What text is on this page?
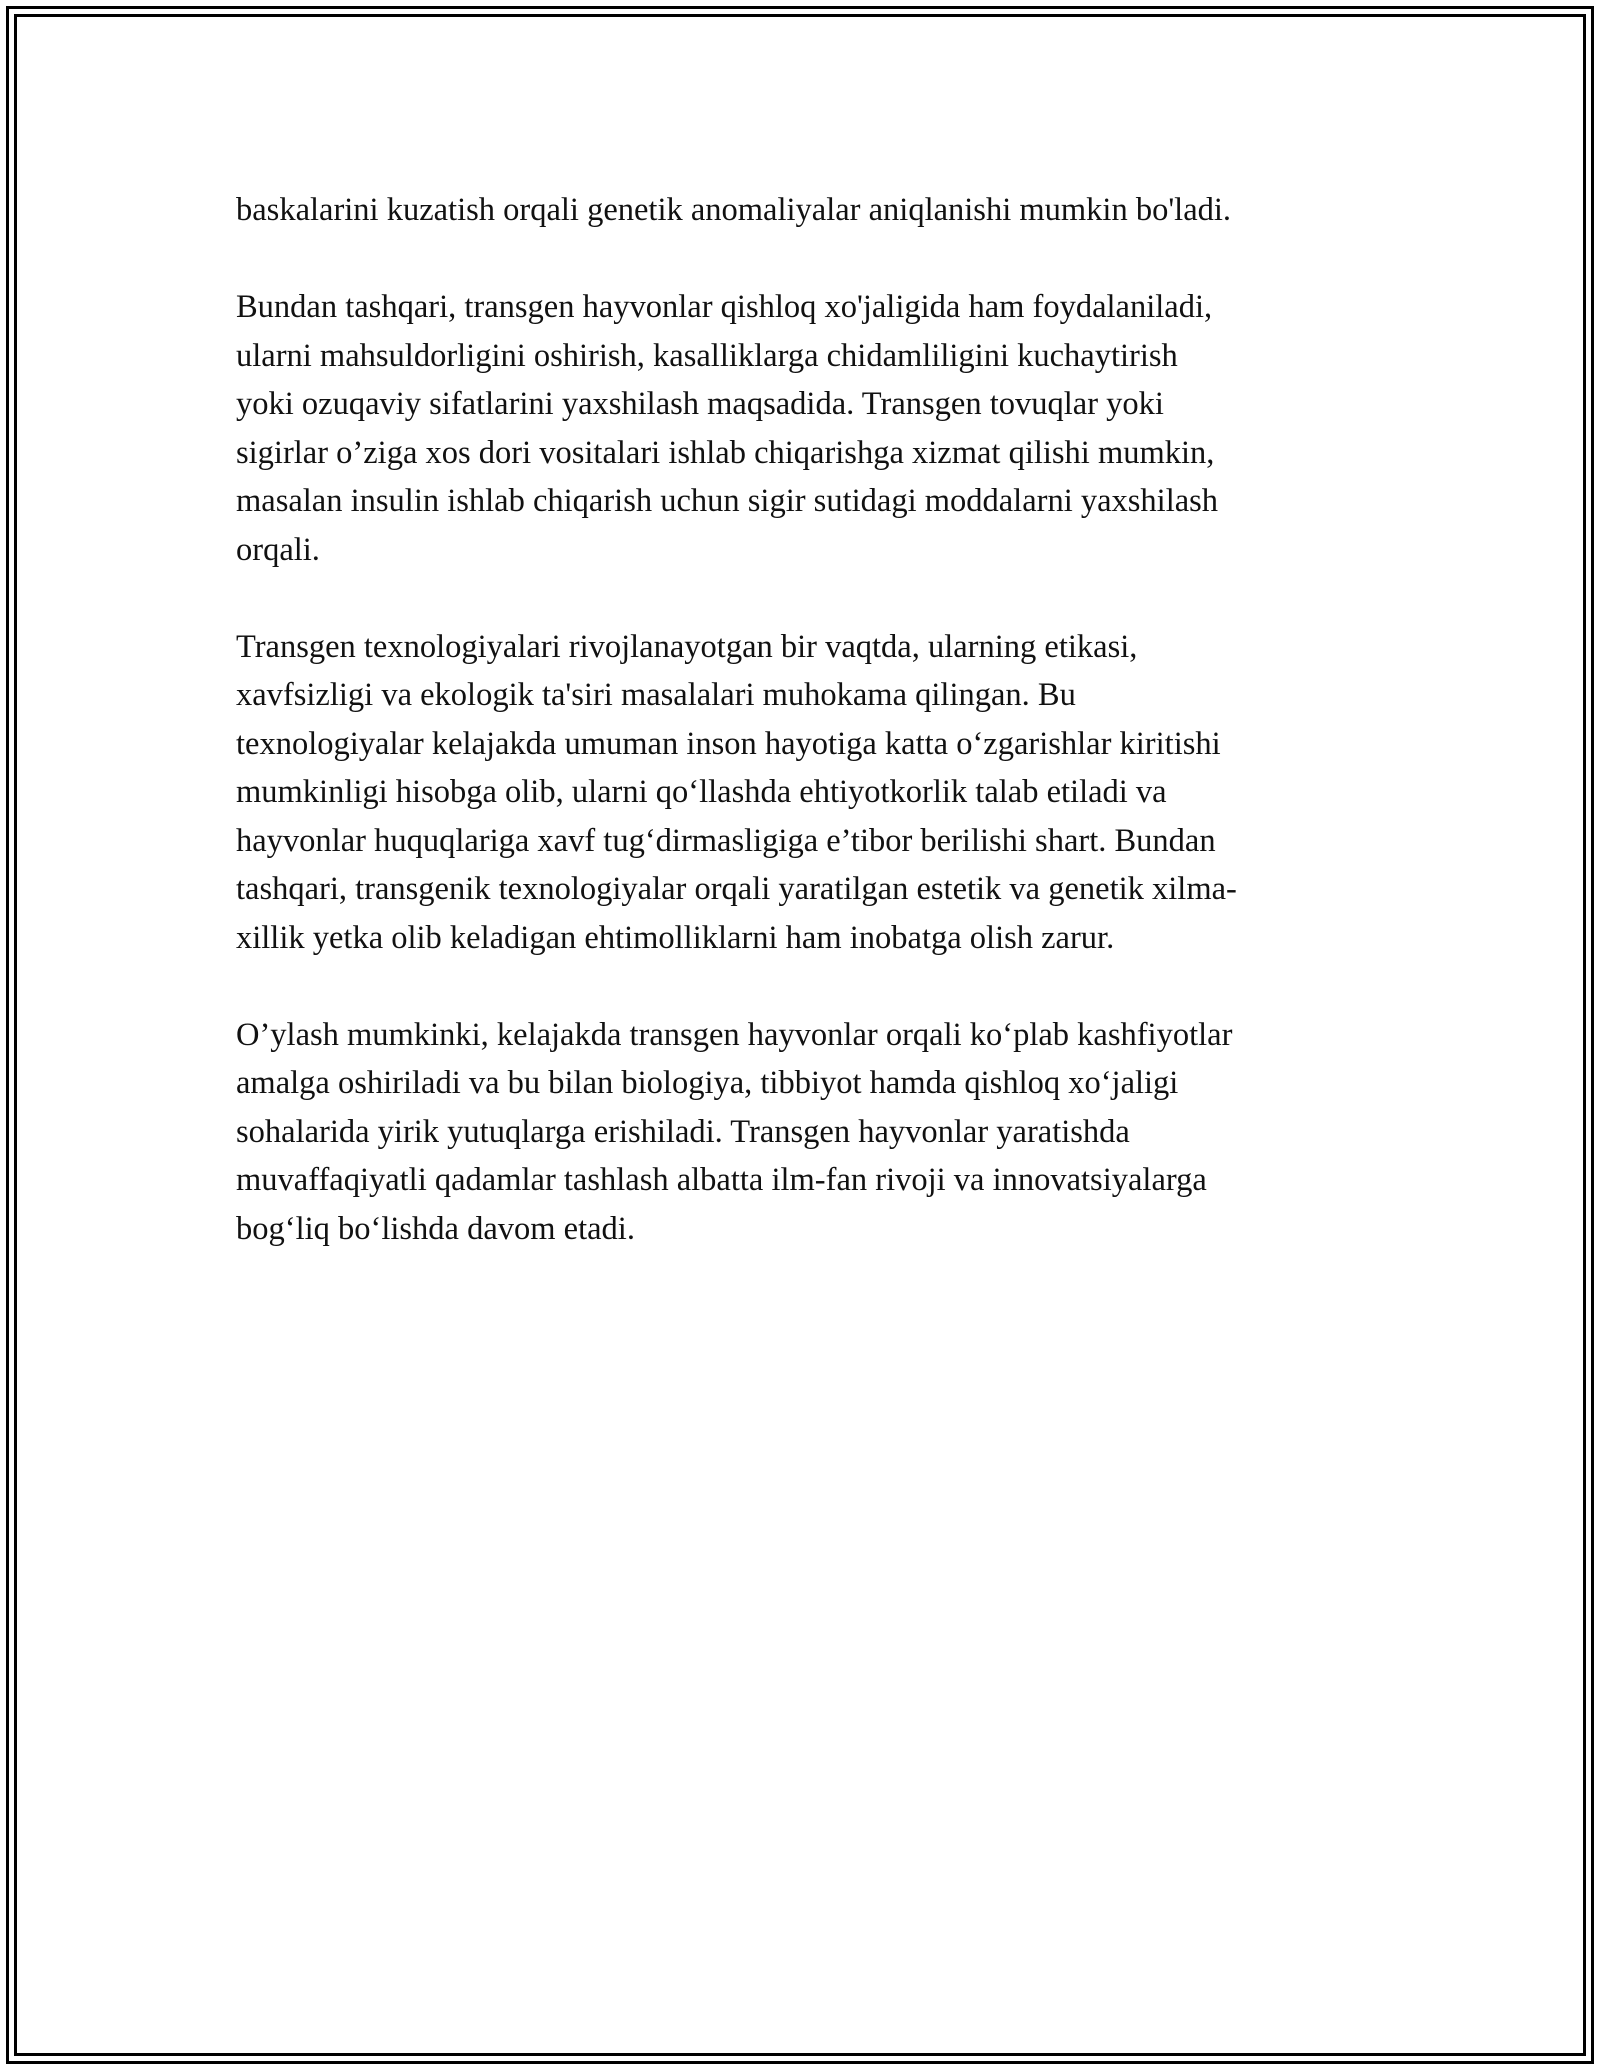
baskalarini kuzatish orqali genetik anomaliyalar aniqlanishi mumkin bo'ladi.

Bundan tashqari, transgen hayvonlar qishloq xo'jaligida ham foydalaniladi,
ularni mahsuldorligini oshirish, kasalliklarga chidamliligini kuchaytirish
yoki ozuqaviy sifatlarini yaxshilash maqsadida. Transgen tovuqlar yoki
sigirlar o’ziga xos dori vositalari ishlab chiqarishga xizmat qilishi mumkin,
masalan insulin ishlab chiqarish uchun sigir sutidagi moddalarni yaxshilash
orqali.

Transgen texnologiyalari rivojlanayotgan bir vaqtda, ularning etikasi,
xavfsizligi va ekologik ta'siri masalalari muhokama qilingan. Bu
texnologiyalar kelajakda umuman inson hayotiga katta o‘zgarishlar kiritishi
mumkinligi hisobga olib, ularni qo‘llashda ehtiyotkorlik talab etiladi va
hayvonlar huquqlariga xavf tug‘dirmasligiga e’tibor berilishi shart. Bundan
tashqari, transgenik texnologiyalar orqali yaratilgan estetik va genetik xilma-
xillik yetka olib keladigan ehtimolliklarni ham inobatga olish zarur.

O’ylash mumkinki, kelajakda transgen hayvonlar orqali ko‘plab kashfiyotlar
amalga oshiriladi va bu bilan biologiya, tibbiyot hamda qishloq xo‘jaligi
sohalarida yirik yutuqlarga erishiladi. Transgen hayvonlar yaratishda
muvaffaqiyatli qadamlar tashlash albatta ilm-fan rivoji va innovatsiyalarga
bog‘liq bo‘lishda davom etadi.
